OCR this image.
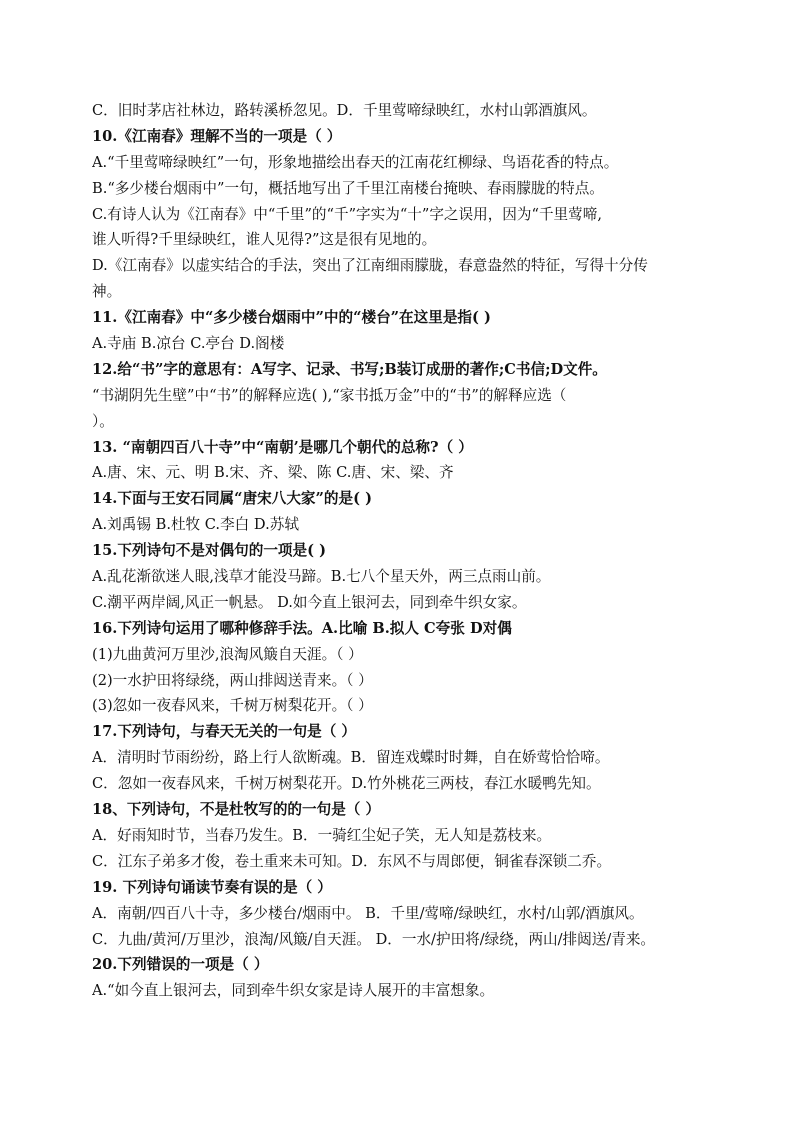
C．旧时茅店社林边，路转溪桥忽见。D．千里莺啼绿映红，水村山郭酒旗风。
10.《江南春》理解不当的一项是（ ）
A.“千里莺啼绿映红”一句，形象地描绘出春天的江南花红柳绿、鸟语花香的特点。
B.“多少楼台烟雨中”一句，概括地写出了千里江南楼台掩映、春雨朦胧的特点。
C.有诗人认为《江南春》中“千里”的“千”字实为“十”字之误用，因为“千里莺啼,
谁人听得?千里绿映红，谁人见得?”这是很有见地的。
D.《江南春》以虚实结合的手法，突出了江南细雨朦胧，春意盎然的特征，写得十分传
神。
11.《江南春》中“多少楼台烟雨中”中的“楼台”在这里是指( )
A.寺庙 B.凉台 C.亭台 D.阁楼
12.给“书”字的意思有：A写字、记录、书写;B装订成册的著作;C书信;D文件。
“书湖阴先生壁”中“书”的解释应选( ),“家书抵万金”中的“书”的解释应选（
）。
13. “南朝四百八十寺”中“南朝’是哪几个朝代的总称?（ ）
A.唐、宋、元、明 B.宋、齐、梁、陈 C.唐、宋、梁、齐
14.下面与王安石同属“唐宋八大家”的是( )
A.刘禹锡 B.杜牧 C.李白 D.苏轼
15.下列诗句不是对偶句的一项是( )
A.乱花渐欲迷人眼,浅草才能没马蹄。B.七八个星天外，两三点雨山前。
C.潮平两岸阔,风正一帆悬。 D.如今直上银河去，同到牵牛织女家。
16.下列诗句运用了哪种修辞手法。A.比喻 B.拟人 C夸张 D对偶
(1)九曲黄河万里沙,浪淘风簸自天涯。（ ）
(2)一水护田将绿绕，两山排闼送青来。（ ）
(3)忽如一夜春风来，千树万树梨花开。（ ）
17.下列诗句，与春天无关的一句是（ ）
A．清明时节雨纷纷，路上行人欲断魂。B．留连戏蝶时时舞，自在娇莺恰恰啼。
C．忽如一夜春风来，千树万树梨花开。D.竹外桃花三两枝，春江水暖鸭先知。
18、下列诗句，不是杜牧写的的一句是（ ）
A．好雨知时节，当春乃发生。B．一骑红尘妃子笑，无人知是荔枝来。
C．江东子弟多才俊，卷土重来未可知。D．东风不与周郎便，铜雀春深锁二乔。
19. 下列诗句诵读节奏有误的是（ ）
A．南朝/四百八十寺，多少楼台/烟雨中。 B．千里/莺啼/绿映红，水村/山郭/酒旗风。
C．九曲/黄河/万里沙，浪淘/风簸/自天涯。 D．一水/护田将/绿绕，两山/排闼送/青来。
20.下列错误的一项是（ ）
A.“如今直上银河去，同到牵牛织女家是诗人展开的丰富想象。
